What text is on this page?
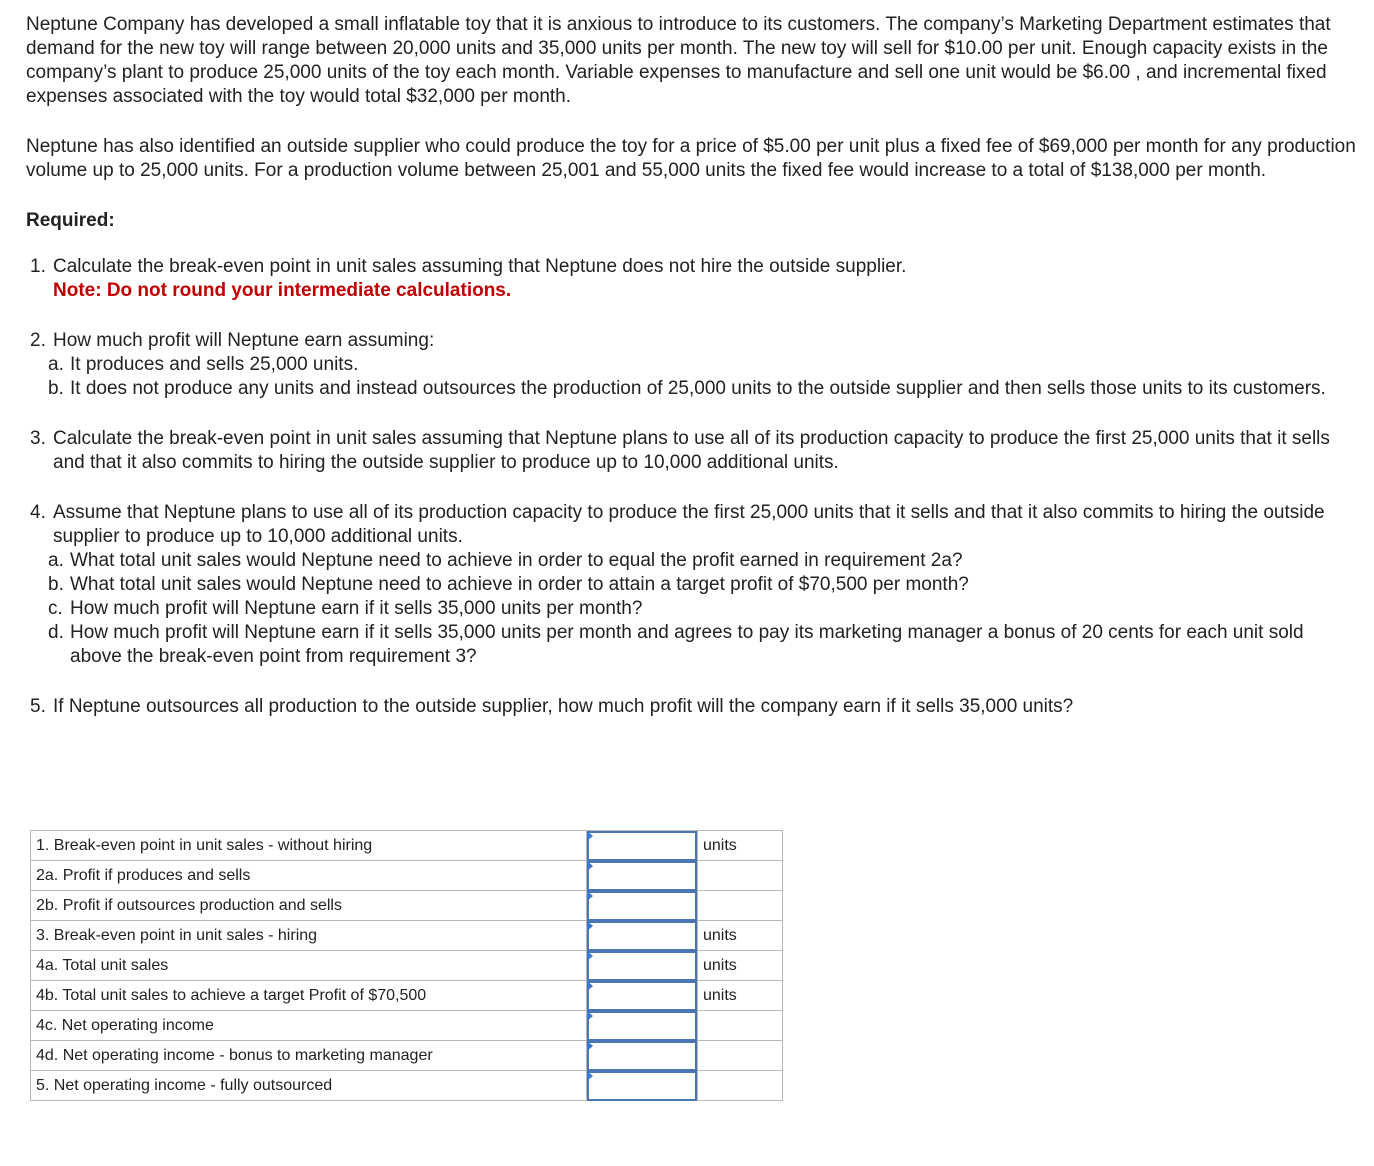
Neptune Company has developed a small inflatable toy that it is anxious to introduce to its customers. The company’s Marketing Department estimates that demand for the new toy will range between 20,000 units and 35,000 units per month. The new toy will sell for $10.00 per unit. Enough capacity exists in the company’s plant to produce 25,000 units of the toy each month. Variable expenses to manufacture and sell one unit would be $6.00 , and incremental fixed expenses associated with the toy would total $32,000 per month.

Neptune has also identified an outside supplier who could produce the toy for a price of $5.00 per unit plus a fixed fee of $69,000 per month for any production volume up to 25,000 units. For a production volume between 25,001 and 55,000 units the fixed fee would increase to a total of $138,000 per month.

Required:
1. Calculate the break-even point in unit sales assuming that Neptune does not hire the outside supplier.
Note: Do not round your intermediate calculations.
2. How much profit will Neptune earn assuming:
a. It produces and sells 25,000 units.
b. It does not produce any units and instead outsources the production of 25,000 units to the outside supplier and then sells those units to its customers.
3. Calculate the break-even point in unit sales assuming that Neptune plans to use all of its production capacity to produce the first 25,000 units that it sells and that it also commits to hiring the outside supplier to produce up to 10,000 additional units.
4. Assume that Neptune plans to use all of its production capacity to produce the first 25,000 units that it sells and that it also commits to hiring the outside supplier to produce up to 10,000 additional units.
a. What total unit sales would Neptune need to achieve in order to equal the profit earned in requirement 2a?
b. What total unit sales would Neptune need to achieve in order to attain a target profit of $70,500 per month?
c. How much profit will Neptune earn if it sells 35,000 units per month?
d. How much profit will Neptune earn if it sells 35,000 units per month and agrees to pay its marketing manager a bonus of 20 cents for each unit sold above the break-even point from requirement 3?
5. If Neptune outsources all production to the outside supplier, how much profit will the company earn if it sells 35,000 units?
1. Break-even point in unit sales - without hiring		units
2a. Profit if produces and sells	

2b. Profit if outsources production and sells	

3. Break-even point in unit sales - hiring		units
4a. Total unit sales		units
4b. Total unit sales to achieve a target Profit of $70,500		units
4c. Net operating income	

4d. Net operating income - bonus to marketing manager	

5. Net operating income - fully outsourced	
